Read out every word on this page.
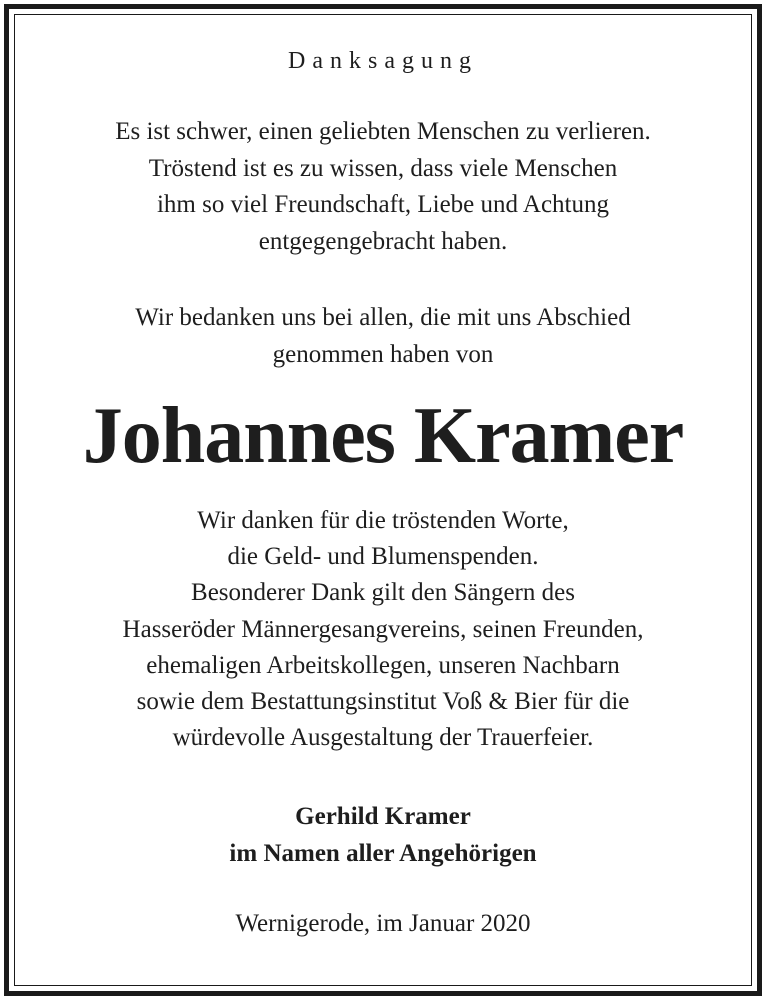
Danksagung
Es ist schwer, einen geliebten Menschen zu verlieren.
Tröstend ist es zu wissen, dass viele Menschen
ihm so viel Freundschaft, Liebe und Achtung
entgegengebracht haben.
Wir bedanken uns bei allen, die mit uns Abschied
genommen haben von
Johannes Kramer
Wir danken für die tröstenden Worte,
die Geld- und Blumenspenden.
Besonderer Dank gilt den Sängern des
Hasseröder Männergesangvereins, seinen Freunden,
ehemaligen Arbeitskollegen, unseren Nachbarn
sowie dem Bestattungsinstitut Voß & Bier für die
würdevolle Ausgestaltung der Trauerfeier.
Gerhild Kramer
im Namen aller Angehörigen
Wernigerode, im Januar 2020
